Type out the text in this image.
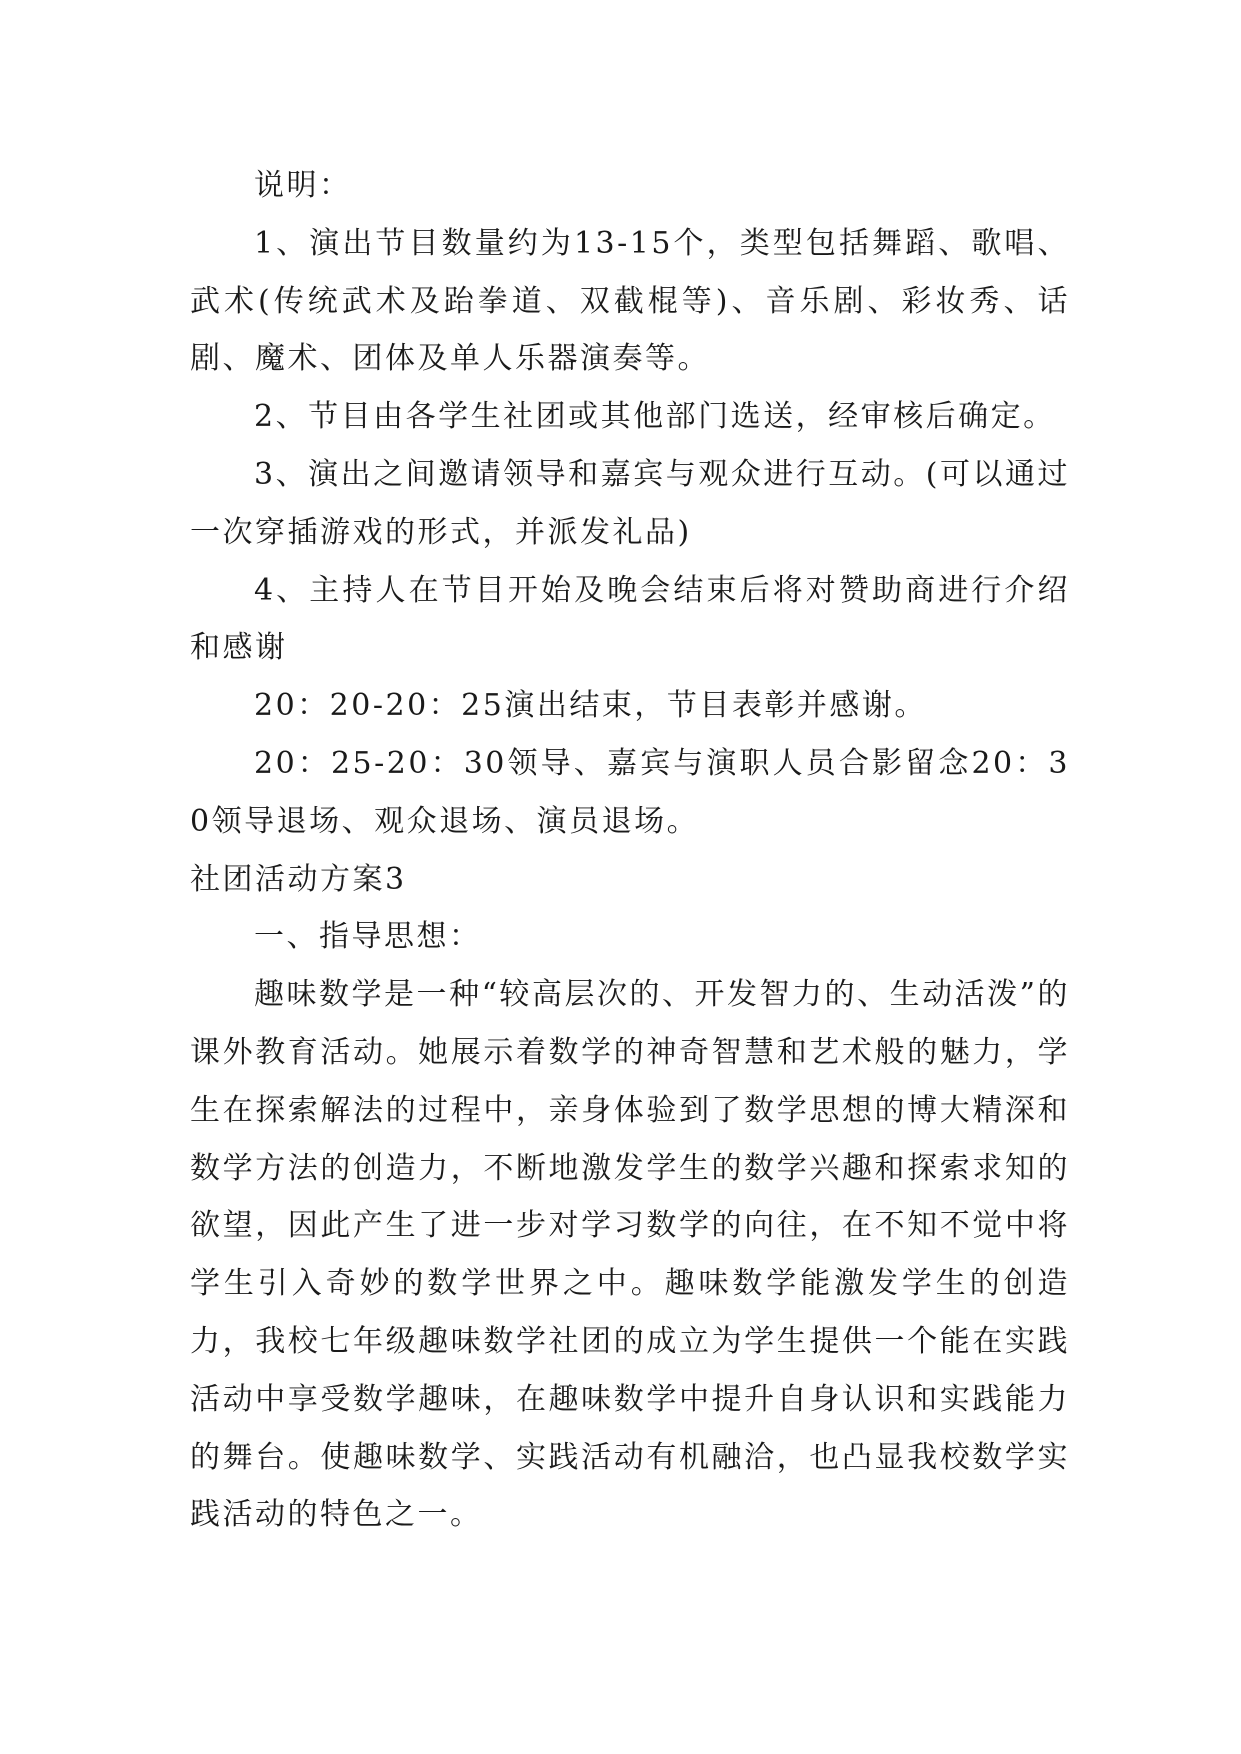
说明：

1、演出节目数量约为13-15个，类型包括舞蹈、歌唱、武术(传统武术及跆拳道、双截棍等)、音乐剧、彩妆秀、话剧、魔术、团体及单人乐器演奏等。

2、节目由各学生社团或其他部门选送，经审核后确定。

3、演出之间邀请领导和嘉宾与观众进行互动。(可以通过一次穿插游戏的形式，并派发礼品)

4、主持人在节目开始及晚会结束后将对赞助商进行介绍和感谢

20：20-20：25演出结束，节目表彰并感谢。

20：25-20：30领导、嘉宾与演职人员合影留念20：30领导退场、观众退场、演员退场。

社团活动方案3

一、指导思想：

趣味数学是一种“较高层次的、开发智力的、生动活泼”的课外教育活动。她展示着数学的神奇智慧和艺术般的魅力，学生在探索解法的过程中，亲身体验到了数学思想的博大精深和数学方法的创造力，不断地激发学生的数学兴趣和探索求知的欲望，因此产生了进一步对学习数学的向往，在不知不觉中将学生引入奇妙的数学世界之中。趣味数学能激发学生的创造力，我校七年级趣味数学社团的成立为学生提供一个能在实践活动中享受数学趣味，在趣味数学中提升自身认识和实践能力的舞台。使趣味数学、实践活动有机融洽，也凸显我校数学实践活动的特色之一。
